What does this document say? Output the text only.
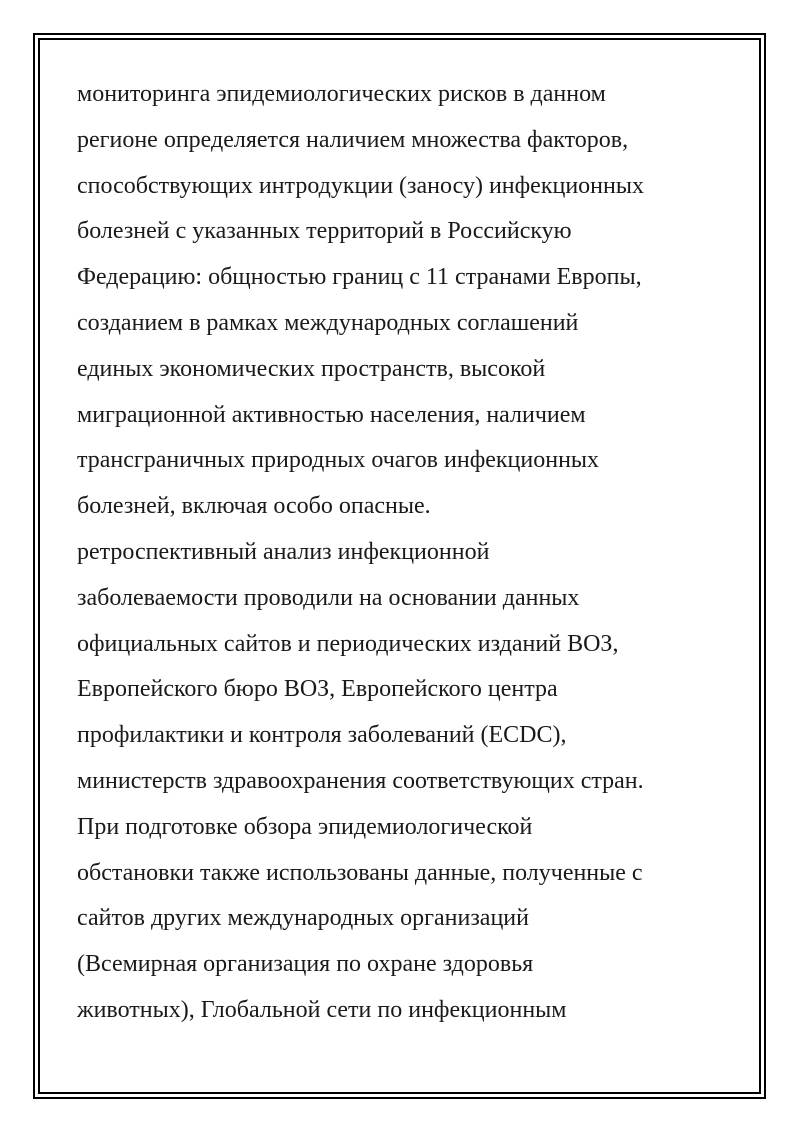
мониторинга эпидемиологических рисков в данном
регионе определяется наличием множества факторов,
способствующих интродукции (заносу) инфекционных
болезней с указанных территорий в Российскую
Федерацию: общностью границ с 11 странами Европы,
созданием в рамках международных соглашений
единых экономических пространств, высокой
миграционной активностью населения, наличием
трансграничных природных очагов инфекционных
болезней, включая особо опасные.
ретроспективный анализ инфекционной
заболеваемости проводили на основании данных
официальных сайтов и периодических изданий ВОЗ,
Европейского бюро ВОЗ, Европейского центра
профилактики и контроля заболеваний (ECDC),
министерств здравоохранения соответствующих стран.
При подготовке обзора эпидемиологической
обстановки также использованы данные, полученные с
сайтов других международных организаций
(Всемирная организация по охране здоровья
животных), Глобальной сети по инфекционным
